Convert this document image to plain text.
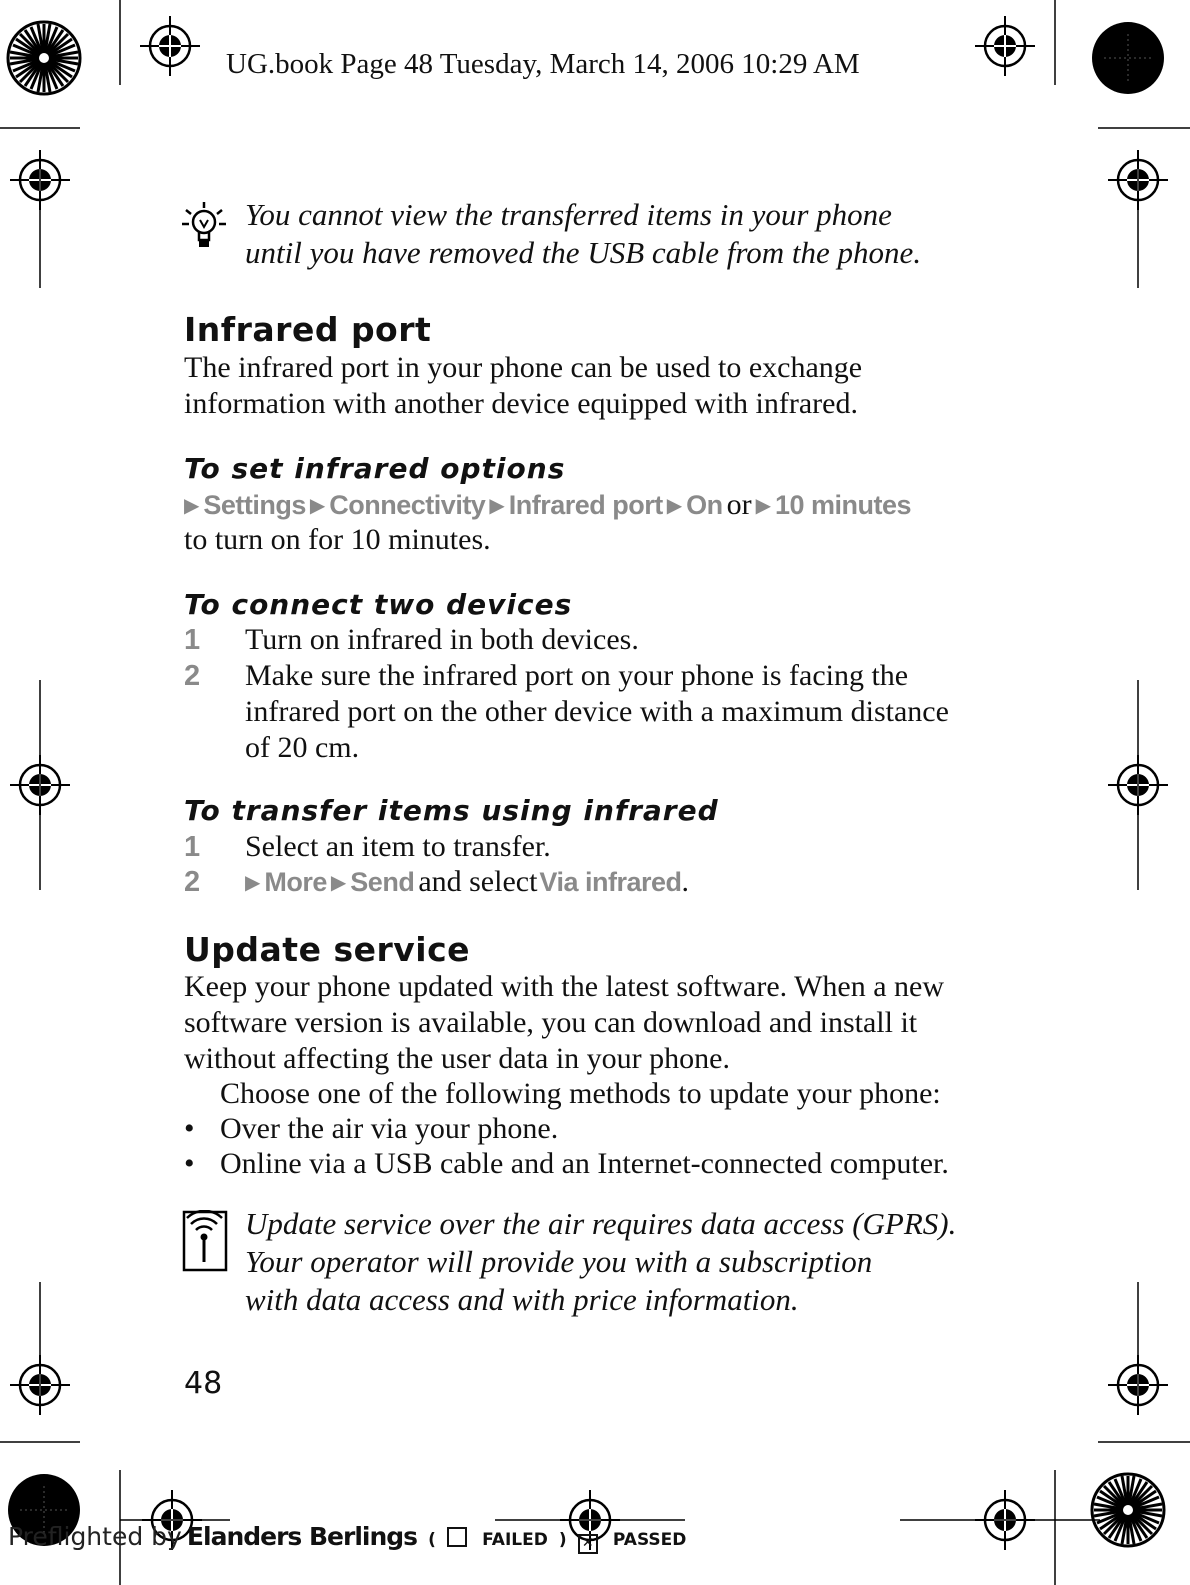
UG.book Page 48 Tuesday, March 14, 2006 10:29 AM
You cannot view the transferred items in your phone
until you have removed the USB cable from the phone.
Infrared port
The infrared port in your phone can be used to exchange
information with another device equipped with infrared.
To set infrared options
▶ Settings ▶ Connectivity ▶ Infrared port ▶ On or ▶ 10 minutes
to turn on for 10 minutes.
To connect two devices
1 Turn on infrared in both devices.
2 Make sure the infrared port on your phone is facing the
infrared port on the other device with a maximum distance
of 20 cm.
To transfer items using infrared
1 Select an item to transfer.
2 ▶ More ▶ Send and select Via infrared.
Update service
Keep your phone updated with the latest software. When a new
software version is available, you can download and install it
without affecting the user data in your phone.
Choose one of the following methods to update your phone:
• Over the air via your phone.
• Online via a USB cable and an Internet-connected computer.
Update service over the air requires data access (GPRS).
Your operator will provide you with a subscription
with data access and with price information.
48
Preflighted by Elanders Berlings (	FAILED ) ✕ PASSED
